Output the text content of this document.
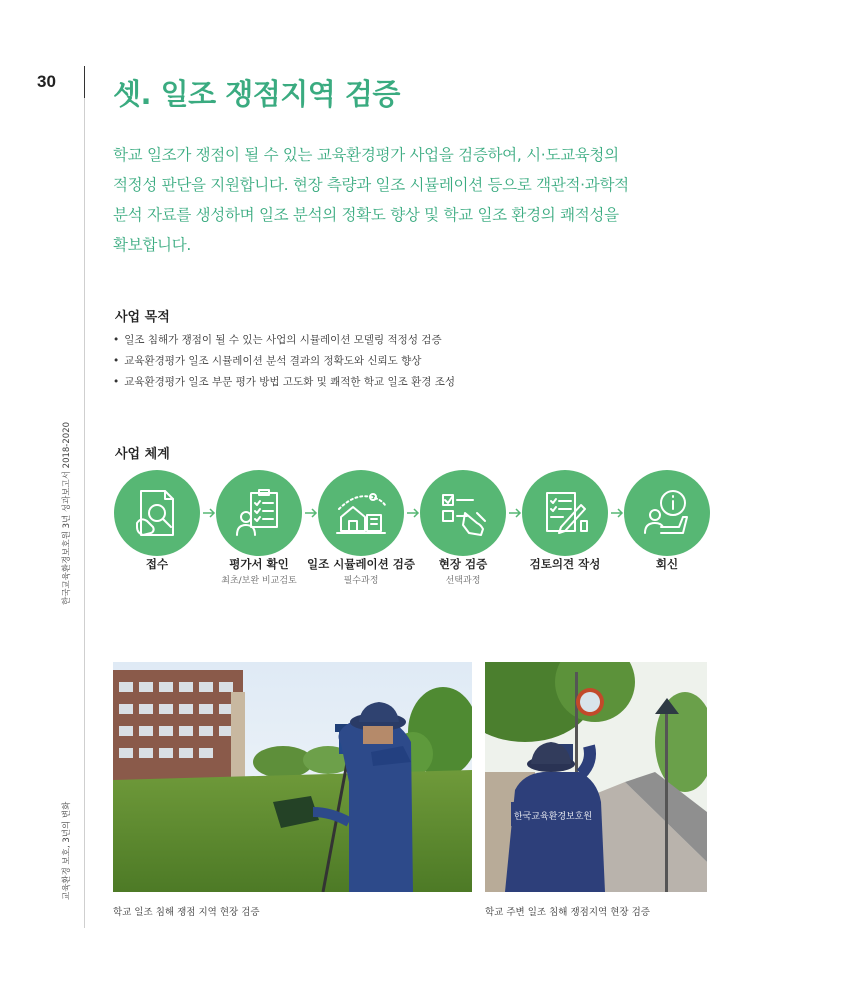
30
한국교육환경보호원 3년 성과보고서 2018-2020
교육환경 보호, 3년의 변화
셋. 일조 쟁점지역 검증

학교 일조가 쟁점이 될 수 있는 교육환경평가 사업을 검증하여, 시·도교육청의

적정성 판단을 지원합니다. 현장 측량과 일조 시뮬레이션 등으로 객관적·과학적

분석 자료를 생성하며 일조 분석의 정확도 향상 및 학교 일조 환경의 쾌적성을

확보합니다.

사업 목적
• 일조 침해가 쟁점이 될 수 있는 사업의 시뮬레이션 모델링 적정성 검증
• 교육환경평가 일조 시뮬레이션 분석 결과의 정확도와 신뢰도 향상
• 교육환경평가 일조 부문 평가 방법 고도화 및 쾌적한 학교 일조 환경 조성
사업 체계
접수	평가서 확인
최초/보완 비교검토
일조 시뮬레이션 검증
필수과정
현장 검증
선택과정
검토의견 작성	회신
학교 일조 침해 쟁점 지역 현장 검증
한국교육환경보호원
학교 주변 일조 침해 쟁점지역 현장 검증
